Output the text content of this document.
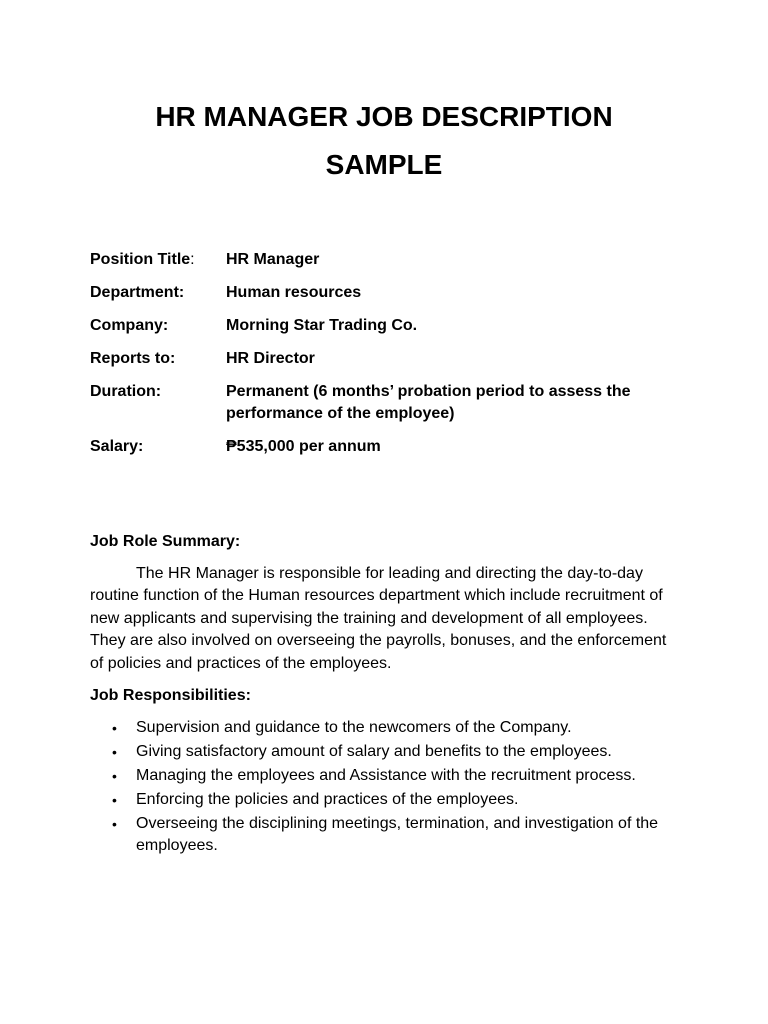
HR MANAGER JOB DESCRIPTION
SAMPLE
Position Title:	HR Manager
Department:	Human resources
Company:	Morning Star Trading Co.
Reports to:	HR Director
Duration:	Permanent (6 months’ probation period to assess the performance of the employee)
Salary:	₱535,000 per annum
Job Role Summary:

The HR Manager is responsible for leading and directing the day-to-day routine function of the Human resources department which include recruitment of new applicants and supervising the training and development of all employees. They are also involved on overseeing the payrolls, bonuses, and the enforcement of policies and practices of the employees.

Job Responsibilities:
• Supervision and guidance to the newcomers of the Company.
• Giving satisfactory amount of salary and benefits to the employees.
• Managing the employees and Assistance with the recruitment process.
• Enforcing the policies and practices of the employees.
• Overseeing the disciplining meetings, termination, and investigation of the employees.
